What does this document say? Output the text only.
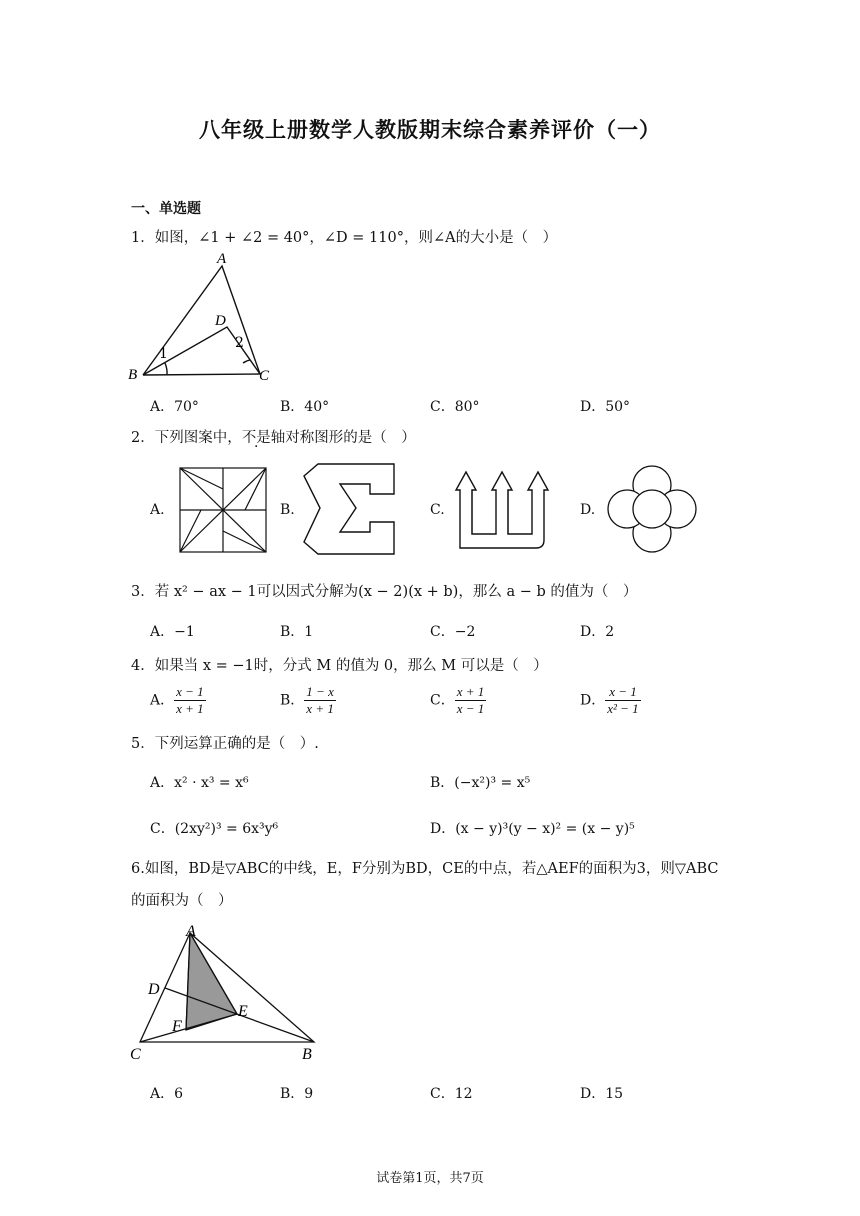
八年级上册数学人教版期末综合素养评价（一）
一、单选题
1．如图，∠1 + ∠2 = 40°，∠D = 110°，则∠A的大小是（　）
A
B	C
D
1
2
A．70°	B．40°	C．80°	D．50°
2．下列图案中，不是轴对称图形的是（　）
A.	B.	C.	D.
3．若 x² − ax − 1可以因式分解为(x − 2)(x + b)，那么 a − b 的值为（　）
A．−1	B．1	C．−2	D．2
4．如果当 x = −1时，分式 M 的值为 0，那么 M 可以是（　）
A． $\frac{x - 1}{x + 1}$	B． $\frac{1 - x}{x + 1}$	C． $\frac{x + 1}{x - 1}$	D． $\frac{x - 1}{\text{x² − 1}}$
5．下列运算正确的是（　）.
A．x² · x³ = x⁶	B．(−x²)³ = x⁵
C．(2xy²)³ = 6x³y⁶	D．(x − y)³(y − x)² = (x − y)⁵
6.如图，BD是▽ABC的中线，E，F分别为BD，CE的中点，若△AEF的面积为3，则▽ABC
的面积为（　）
A
D
E
F
C	B
A．6	B．9	C．12	D．15
试卷第1页，共7页
